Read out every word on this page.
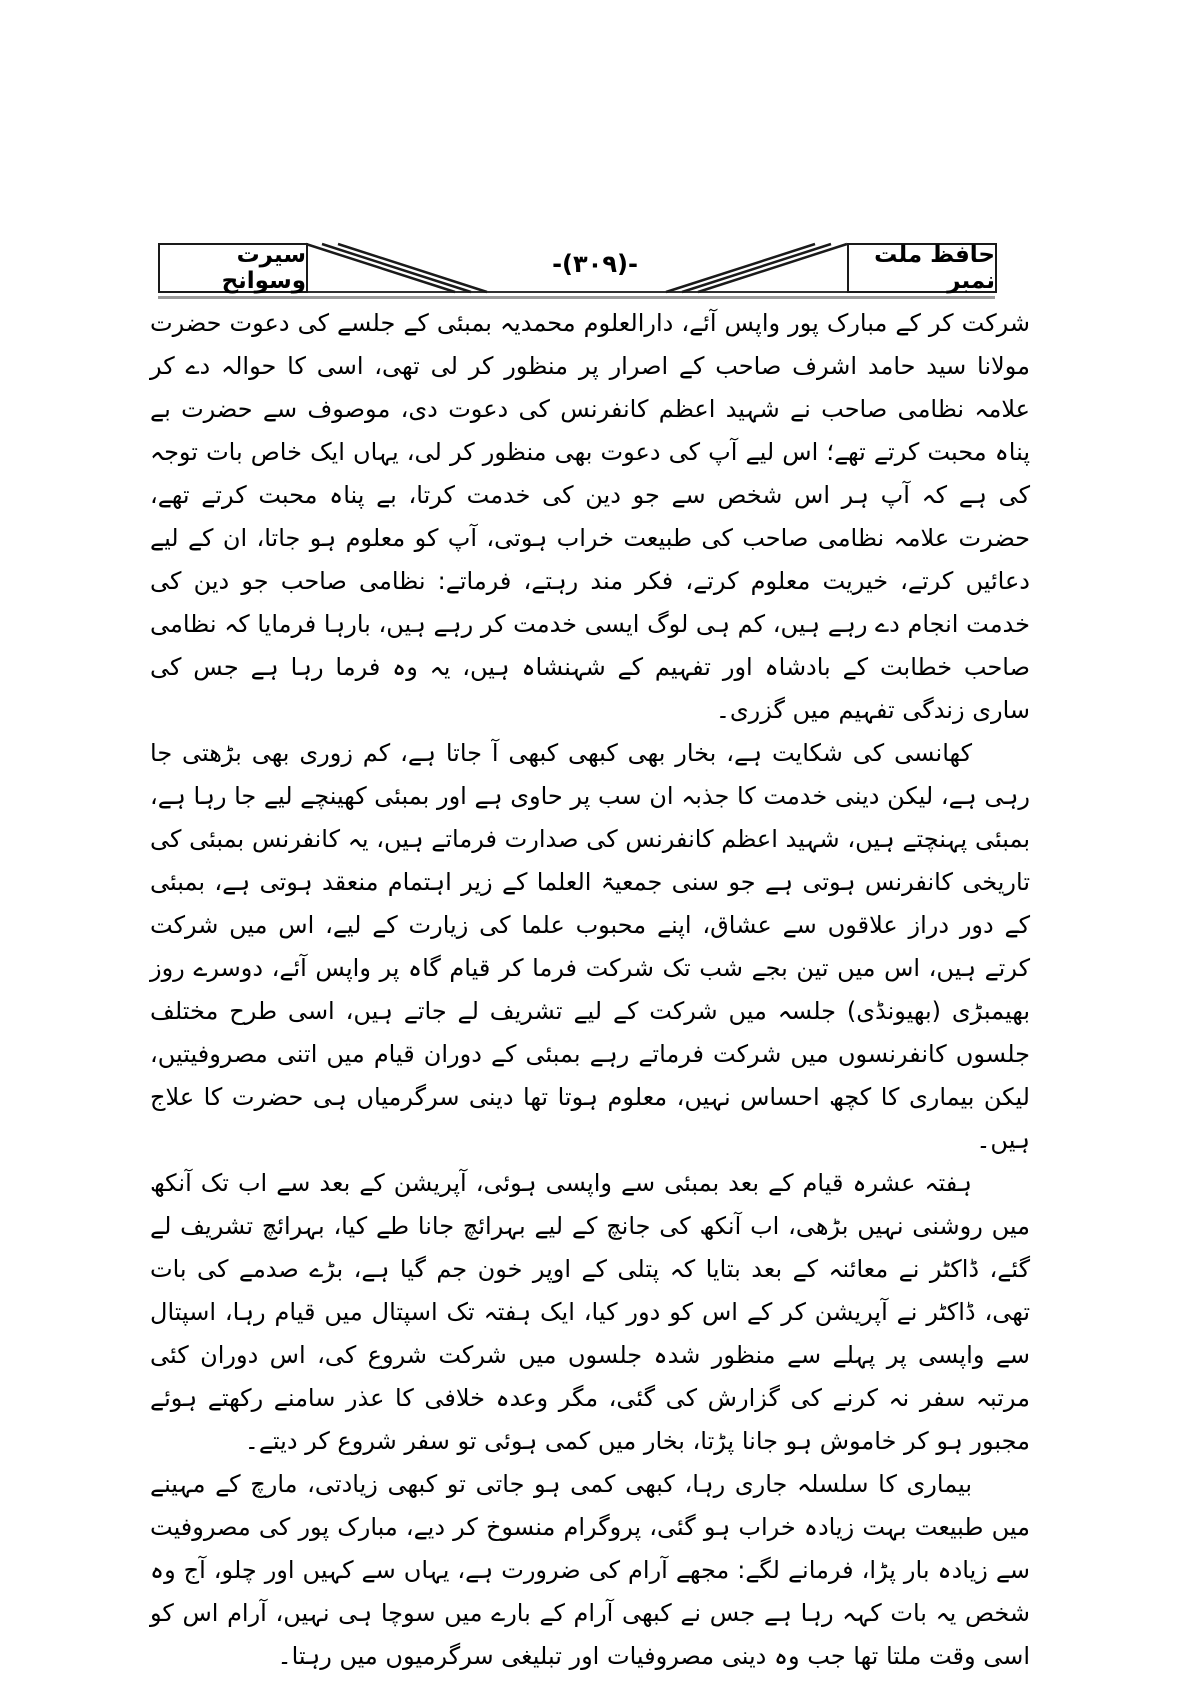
سیرت وسوانح
-(۳۰۹)-	حافظ ملت نمبر

شرکت کر کے مبارک پور واپس آئے، دارالعلوم محمدیہ بمبئی کے جلسے کی دعوت حضرت مولانا سید حامد اشرف صاحب کے اصرار پر منظور کر لی تھی، اسی کا حوالہ دے کر علامہ نظامی صاحب نے شہید اعظم کانفرنس کی دعوت دی، موصوف سے حضرت بے پناہ محبت کرتے تھے؛ اس لیے آپ کی دعوت بھی منظور کر لی، یہاں ایک خاص بات توجہ کی ہے کہ آپ ہر اس شخص سے جو دین کی خدمت کرتا، بے پناہ محبت کرتے تھے، حضرت علامہ نظامی صاحب کی طبیعت خراب ہوتی، آپ کو معلوم ہو جاتا، ان کے لیے دعائیں کرتے، خیریت معلوم کرتے، فکر مند رہتے، فرماتے: نظامی صاحب جو دین کی خدمت انجام دے رہے ہیں، کم ہی لوگ ایسی خدمت کر رہے ہیں، بارہا فرمایا کہ نظامی صاحب خطابت کے بادشاہ اور تفہیم کے شہنشاہ ہیں، یہ وہ فرما رہا ہے جس کی ساری زندگی تفہیم میں گزری۔

کھانسی کی شکایت ہے، بخار بھی کبھی کبھی آ جاتا ہے، کم زوری بھی بڑھتی جا رہی ہے، لیکن دینی خدمت کا جذبہ ان سب پر حاوی ہے اور بمبئی کھینچے لیے جا رہا ہے، بمبئی پہنچتے ہیں، شہید اعظم کانفرنس کی صدارت فرماتے ہیں، یہ کانفرنس بمبئی کی تاریخی کانفرنس ہوتی ہے جو سنی جمعیۃ العلما کے زیر اہتمام منعقد ہوتی ہے، بمبئی کے دور دراز علاقوں سے عشاق، اپنے محبوب علما کی زیارت کے لیے، اس میں شرکت کرتے ہیں، اس میں تین بجے شب تک شرکت فرما کر قیام گاہ پر واپس آئے، دوسرے روز بھیمبڑی (بھیونڈی) جلسہ میں شرکت کے لیے تشریف لے جاتے ہیں، اسی طرح مختلف جلسوں کانفرنسوں میں شرکت فرماتے رہے بمبئی کے دوران قیام میں اتنی مصروفیتیں، لیکن بیماری کا کچھ احساس نہیں، معلوم ہوتا تھا دینی سرگرمیاں ہی حضرت کا علاج ہیں۔

ہفتہ عشرہ قیام کے بعد بمبئی سے واپسی ہوئی، آپریشن کے بعد سے اب تک آنکھ میں روشنی نہیں بڑھی، اب آنکھ کی جانچ کے لیے بہرائچ جانا طے کیا، بہرائچ تشریف لے گئے، ڈاکٹر نے معائنہ کے بعد بتایا کہ پتلی کے اوپر خون جم گیا ہے، بڑے صدمے کی بات تھی، ڈاکٹر نے آپریشن کر کے اس کو دور کیا، ایک ہفتہ تک اسپتال میں قیام رہا، اسپتال سے واپسی پر پہلے سے منظور شدہ جلسوں میں شرکت شروع کی، اس دوران کئی مرتبہ سفر نہ کرنے کی گزارش کی گئی، مگر وعدہ خلافی کا عذر سامنے رکھتے ہوئے مجبور ہو کر خاموش ہو جانا پڑتا، بخار میں کمی ہوئی تو سفر شروع کر دیتے۔

بیماری کا سلسلہ جاری رہا، کبھی کمی ہو جاتی تو کبھی زیادتی، مارچ کے مہینے میں طبیعت بہت زیادہ خراب ہو گئی، پروگرام منسوخ کر دیے، مبارک پور کی مصروفیت سے زیادہ بار پڑا، فرمانے لگے: مجھے آرام کی ضرورت ہے، یہاں سے کہیں اور چلو، آج وہ شخص یہ بات کہہ رہا ہے جس نے کبھی آرام کے بارے میں سوچا ہی نہیں، آرام اس کو اسی وقت ملتا تھا جب وہ دینی مصروفیات اور تبلیغی سرگرمیوں میں رہتا۔
